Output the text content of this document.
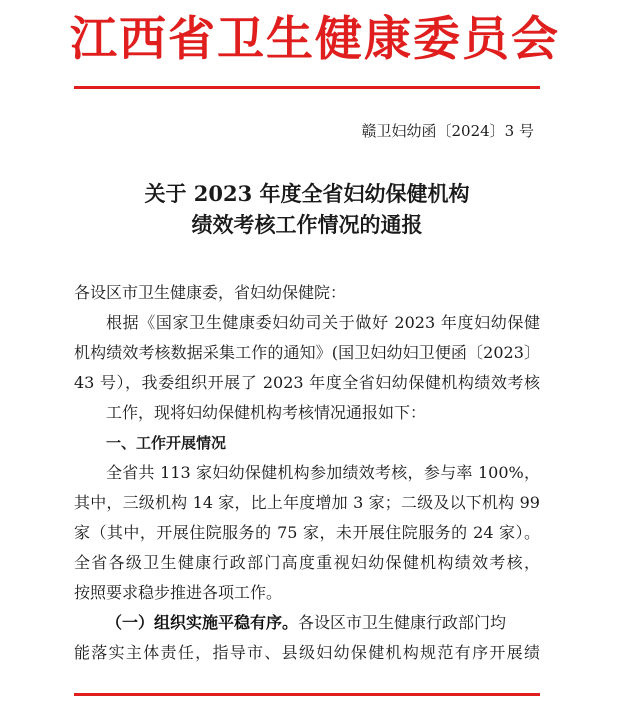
江西省卫生健康委员会
赣卫妇幼函〔2024〕3 号
关于 2023 年度全省妇幼保健机构
绩效考核工作情况的通报
各设区市卫生健康委，省妇幼保健院：
根据《国家卫生健康委妇幼司关于做好 2023 年度妇幼保健
机构绩效考核数据采集工作的通知》(国卫妇幼妇卫便函〔2023〕
43 号），我委组织开展了 2023 年度全省妇幼保健机构绩效考核
工作，现将妇幼保健机构考核情况通报如下：
一、工作开展情况
全省共 113 家妇幼保健机构参加绩效考核，参与率 100%，
其中，三级机构 14 家，比上年度增加 3 家；二级及以下机构 99
家（其中，开展住院服务的 75 家，未开展住院服务的 24 家）。
全省各级卫生健康行政部门高度重视妇幼保健机构绩效考核，
按照要求稳步推进各项工作。
（一）组织实施平稳有序。各设区市卫生健康行政部门均
能落实主体责任，指导市、县级妇幼保健机构规范有序开展绩
